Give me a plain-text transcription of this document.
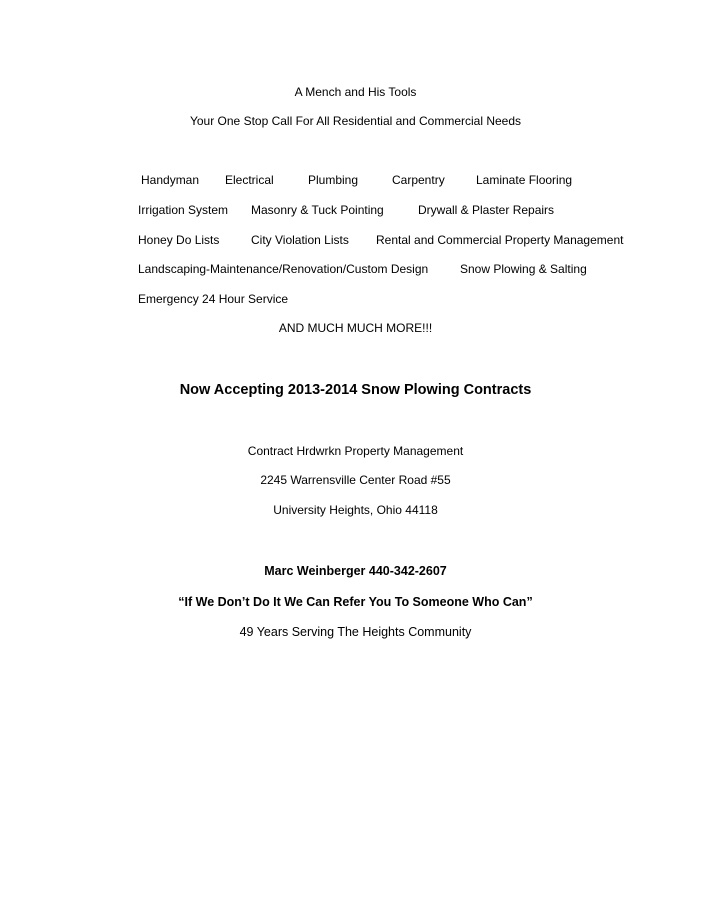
A Mench and His Tools
Your One Stop Call For All Residential and Commercial Needs
Handyman Electrical	Plumbing	Carpentry	Laminate Flooring
Irrigation System Masonry & Tuck Pointing	Drywall & Plaster Repairs
Honey Do Lists	City Violation Lists Rental and Commercial Property Management
Landscaping-Maintenance/Renovation/Custom Design	Snow Plowing & Salting
Emergency 24 Hour Service
AND MUCH MUCH MORE!!!
Now Accepting 2013-2014 Snow Plowing Contracts
Contract Hrdwrkn Property Management
2245 Warrensville Center Road #55
University Heights, Ohio 44118
Marc Weinberger 440-342-2607
“If We Don’t Do It We Can Refer You To Someone Who Can”
49 Years Serving The Heights Community
